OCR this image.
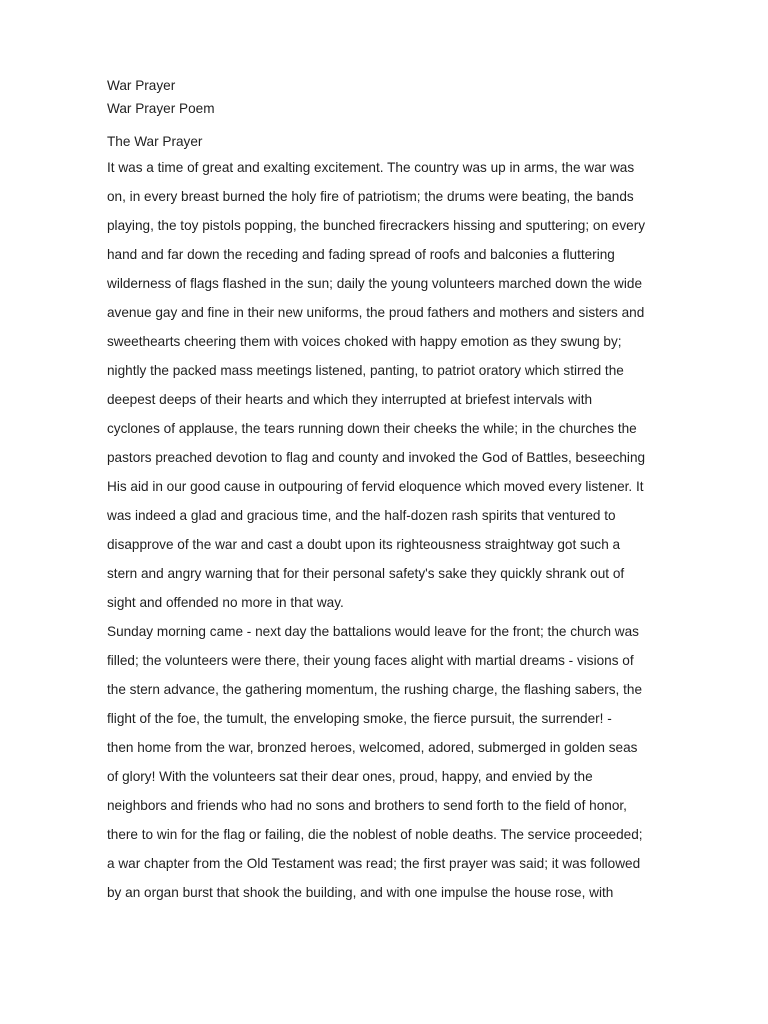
War Prayer

War Prayer Poem

The War Prayer

It was a time of great and exalting excitement. The country was up in arms, the war was
on, in every breast burned the holy fire of patriotism; the drums were beating, the bands
playing, the toy pistols popping, the bunched firecrackers hissing and sputtering; on every
hand and far down the receding and fading spread of roofs and balconies a fluttering
wilderness of flags flashed in the sun; daily the young volunteers marched down the wide
avenue gay and fine in their new uniforms, the proud fathers and mothers and sisters and
sweethearts cheering them with voices choked with happy emotion as they swung by;
nightly the packed mass meetings listened, panting, to patriot oratory which stirred the
deepest deeps of their hearts and which they interrupted at briefest intervals with
cyclones of applause, the tears running down their cheeks the while; in the churches the
pastors preached devotion to flag and county and invoked the God of Battles, beseeching
His aid in our good cause in outpouring of fervid eloquence which moved every listener. It
was indeed a glad and gracious time, and the half-dozen rash spirits that ventured to
disapprove of the war and cast a doubt upon its righteousness straightway got such a
stern and angry warning that for their personal safety's sake they quickly shrank out of
sight and offended no more in that way.

Sunday morning came - next day the battalions would leave for the front; the church was
filled; the volunteers were there, their young faces alight with martial dreams - visions of
the stern advance, the gathering momentum, the rushing charge, the flashing sabers, the
flight of the foe, the tumult, the enveloping smoke, the fierce pursuit, the surrender! -
then home from the war, bronzed heroes, welcomed, adored, submerged in golden seas
of glory! With the volunteers sat their dear ones, proud, happy, and envied by the
neighbors and friends who had no sons and brothers to send forth to the field of honor,
there to win for the flag or failing, die the noblest of noble deaths. The service proceeded;
a war chapter from the Old Testament was read; the first prayer was said; it was followed
by an organ burst that shook the building, and with one impulse the house rose, with
